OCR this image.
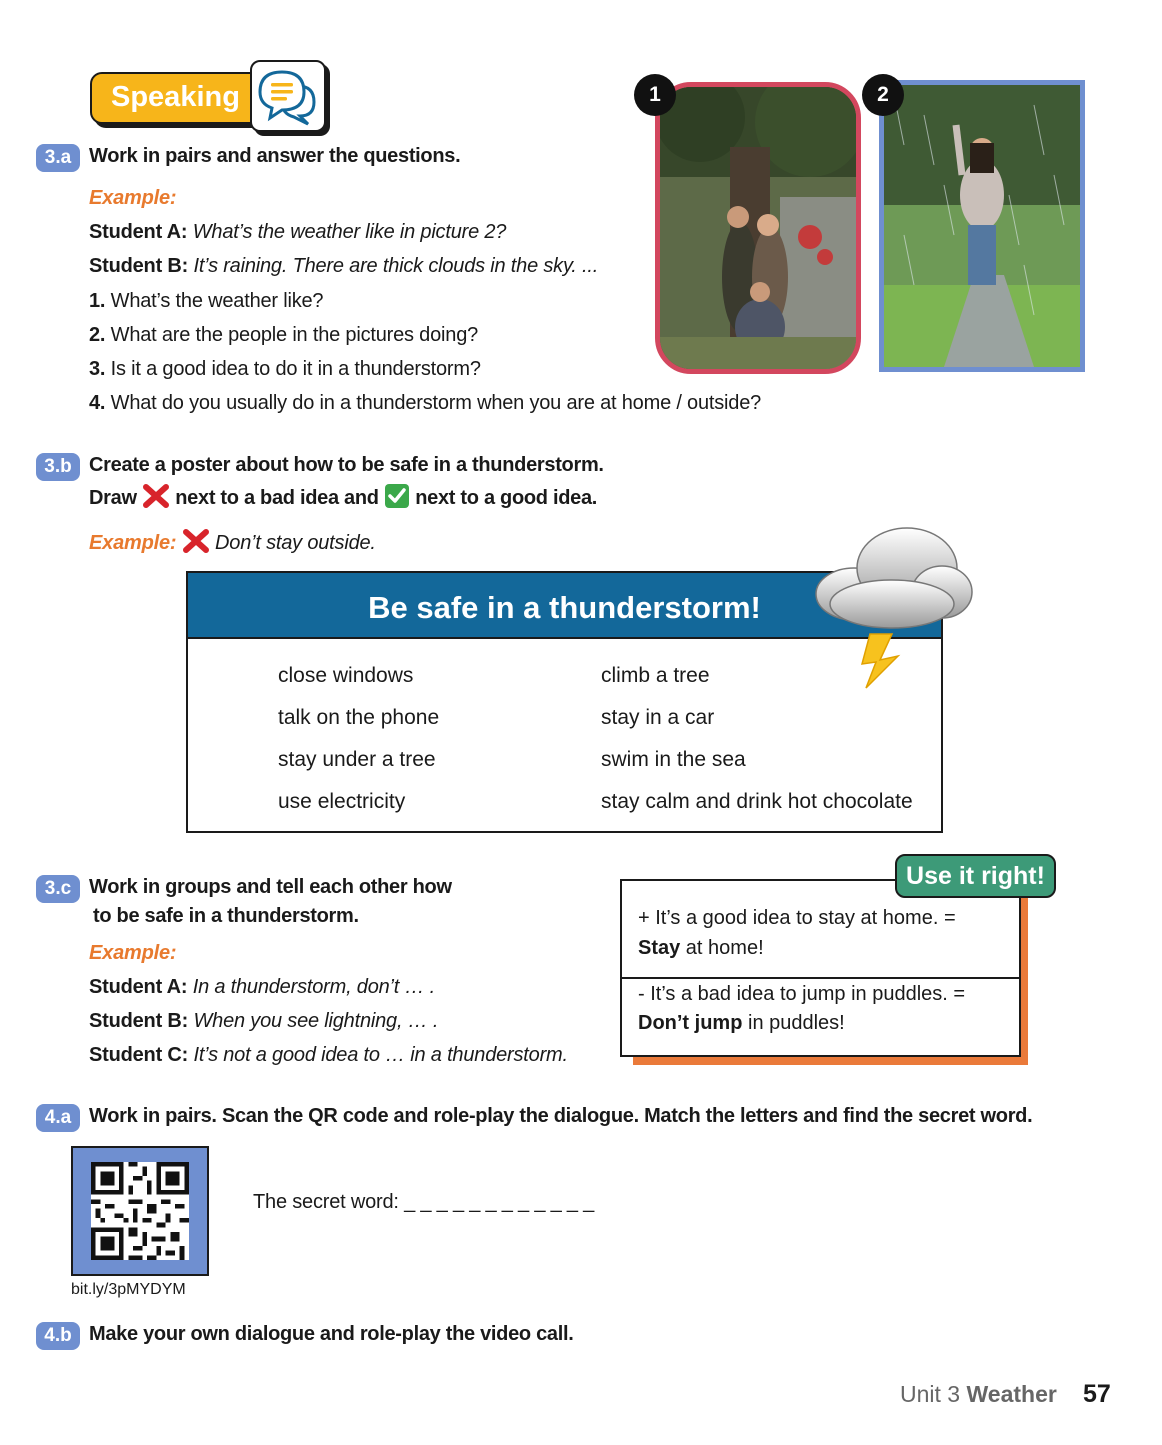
Speaking	1	2
3.a Work in pairs and answer the questions.
Example:
Student A: What’s the weather like in picture 2?
Student B: It’s raining. There are thick clouds in the sky. ...
1. What’s the weather like?
2. What are the people in the pictures doing?
3. Is it a good idea to do it in a thunderstorm?
4. What do you usually do in a thunderstorm when you are at home / outside?
3.b Create a poster about how to be safe in a thunderstorm.
Draw next to a bad idea and next to a good idea.
Example: Don’t stay outside.
Be safe in a thunderstorm!
close windows
talk on the phone
stay under a tree
use electricity
climb a tree
stay in a car
swim in the sea
stay calm and drink hot chocolate
3.c Work in groups and tell each other how
to be safe in a thunderstorm.
Example:
Student A: In a thunderstorm, don’t … .
Student B: When you see lightning, … .
Student C: It’s not a good idea to … in a thunderstorm.
+ It’s a good idea to stay at home. =
Stay at home!
- It’s a bad idea to jump in puddles. =
Don’t jump in puddles!
Use it right!
4.a Work in pairs. Scan the QR code and role-play the dialogue. Match the letters and find the secret word.
bit.ly/3pMYDYM
The secret word: _ _ _ _ _ _ _ _ _ _ _ _
4.b Make your own dialogue and role-play the video call.
Unit 3 Weather 57
